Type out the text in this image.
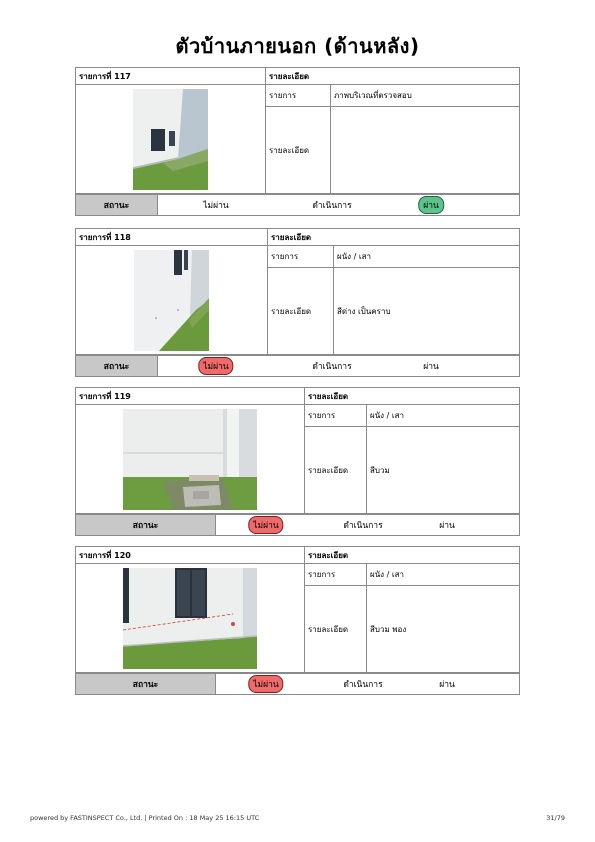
ตัวบ้านภายนอก (ด้านหลัง)
รายการที่ 117	รายละเอียด	
	รายการ	ภาพบริเวณที่ตรวจสอบ
	รายละเอียด	
สถานะ	ไม่ผ่าน	ดำเนินการ	ผ่าน
รายการที่ 118	รายละเอียด	
	รายการ	ผนัง / เสา
	รายละเอียด	สีด่าง เป็นคราบ
สถานะ	ไม่ผ่าน	ดำเนินการ	ผ่าน
รายการที่ 119	รายละเอียด	
	รายการ	ผนัง / เสา
	รายละเอียด	สีบวม
สถานะ	ไม่ผ่าน	ดำเนินการ	ผ่าน
รายการที่ 120	รายละเอียด	
	รายการ	ผนัง / เสา
	รายละเอียด	สีบวม พอง
สถานะ	ไม่ผ่าน	ดำเนินการ	ผ่าน
powered by FASTINSPECT Co., Ltd. | Printed On : 18 May 25 16:15 UTC	31/79
